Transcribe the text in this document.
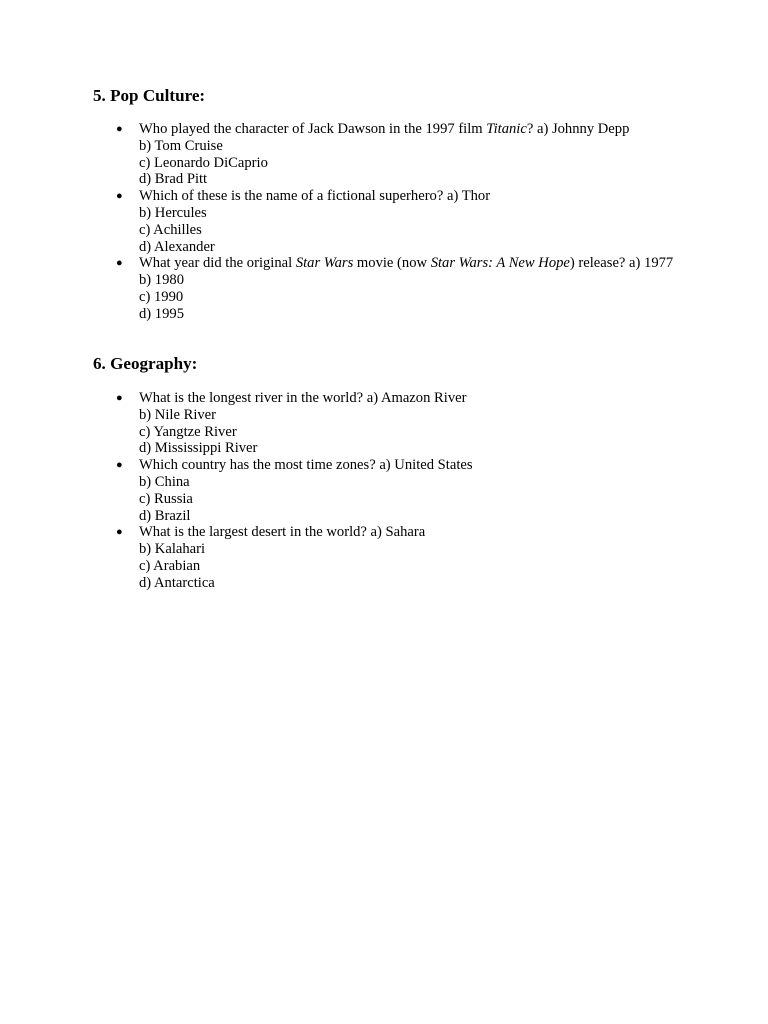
5. Pop Culture:
● Who played the character of Jack Dawson in the 1997 film Titanic? a) Johnny Depp
b) Tom Cruise
c) Leonardo DiCaprio
d) Brad Pitt
● Which of these is the name of a fictional superhero? a) Thor
b) Hercules
c) Achilles
d) Alexander
● What year did the original Star Wars movie (now Star Wars: A New Hope) release? a) 1977
b) 1980
c) 1990
d) 1995
6. Geography:
● What is the longest river in the world? a) Amazon River
b) Nile River
c) Yangtze River
d) Mississippi River
● Which country has the most time zones? a) United States
b) China
c) Russia
d) Brazil
● What is the largest desert in the world? a) Sahara
b) Kalahari
c) Arabian
d) Antarctica
